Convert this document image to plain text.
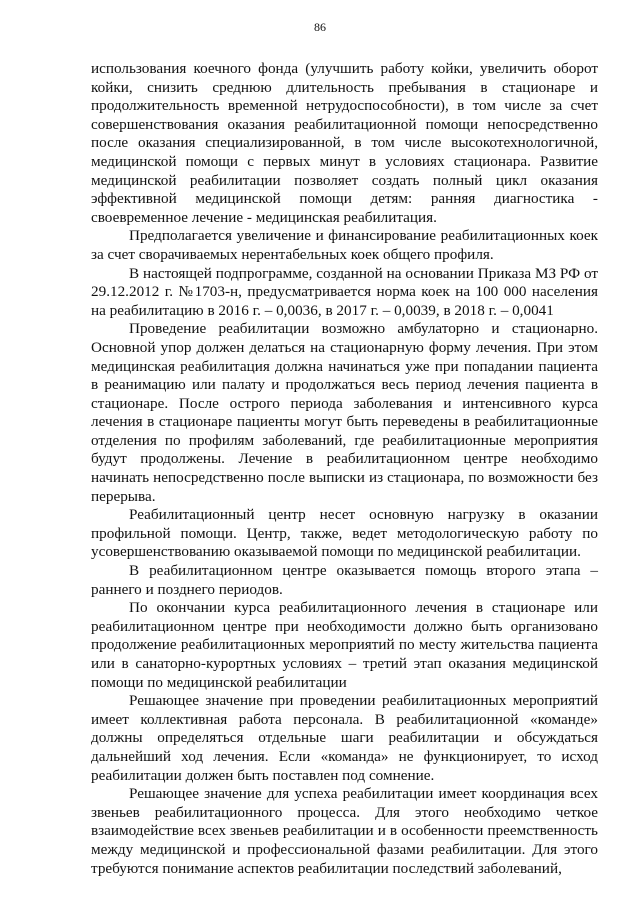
86

использования коечного фонда (улучшить работу койки, увеличить оборот койки, снизить среднюю длительность пребывания в стационаре и продолжительность временной нетрудоспособности), в том числе за счет совершенствования оказания реабилитационной помощи непосредственно после оказания специализированной, в том числе высокотехнологичной, медицинской помощи с первых минут в условиях стационара. Развитие медицинской реабилитации позволяет создать полный цикл оказания эффективной медицинской помощи детям: ранняя диагностика - своевременное лечение - медицинская реабилитация.

Предполагается увеличение и финансирование реабилитационных коек за счет сворачиваемых нерентабельных коек общего профиля.

В настоящей подпрограмме, созданной на основании Приказа МЗ РФ от 29.12.2012 г. №1703-н, предусматривается норма коек на 100 000 населения на реабилитацию в 2016 г. – 0,0036, в 2017 г. – 0,0039, в 2018 г. – 0,0041

Проведение реабилитации возможно амбулаторно и стационарно. Основной упор должен делаться на стационарную форму лечения. При этом медицинская реабилитация должна начинаться уже при попадании пациента в реанимацию или палату и продолжаться весь период лечения пациента в стационаре. После острого периода заболевания и интенсивного курса лечения в стационаре пациенты могут быть переведены в реабилитационные отделения по профилям заболеваний, где реабилитационные мероприятия будут продолжены. Лечение в реабилитационном центре необходимо начинать непосредственно после выписки из стационара, по возможности без перерыва.

Реабилитационный центр несет основную нагрузку в оказании профильной помощи. Центр, также, ведет методологическую работу по усовершенствованию оказываемой помощи по медицинской реабилитации.

В реабилитационном центре оказывается помощь второго этапа – раннего и позднего периодов.

По окончании курса реабилитационного лечения в стационаре или реабилитационном центре при необходимости должно быть организовано продолжение реабилитационных мероприятий по месту жительства пациента или в санаторно-курортных условиях – третий этап оказания медицинской помощи по медицинской реабилитации

Решающее значение при проведении реабилитационных мероприятий имеет коллективная работа персонала. В реабилитационной «команде» должны определяться отдельные шаги реабилитации и обсуждаться дальнейший ход лечения. Если «команда» не функционирует, то исход реабилитации должен быть поставлен под сомнение.

Решающее значение для успеха реабилитации имеет координация всех звеньев реабилитационного процесса. Для этого необходимо четкое взаимодействие всех звеньев реабилитации и в особенности преемственность между медицинской и профессиональной фазами реабилитации. Для этого требуются понимание аспектов реабилитации последствий заболеваний,
